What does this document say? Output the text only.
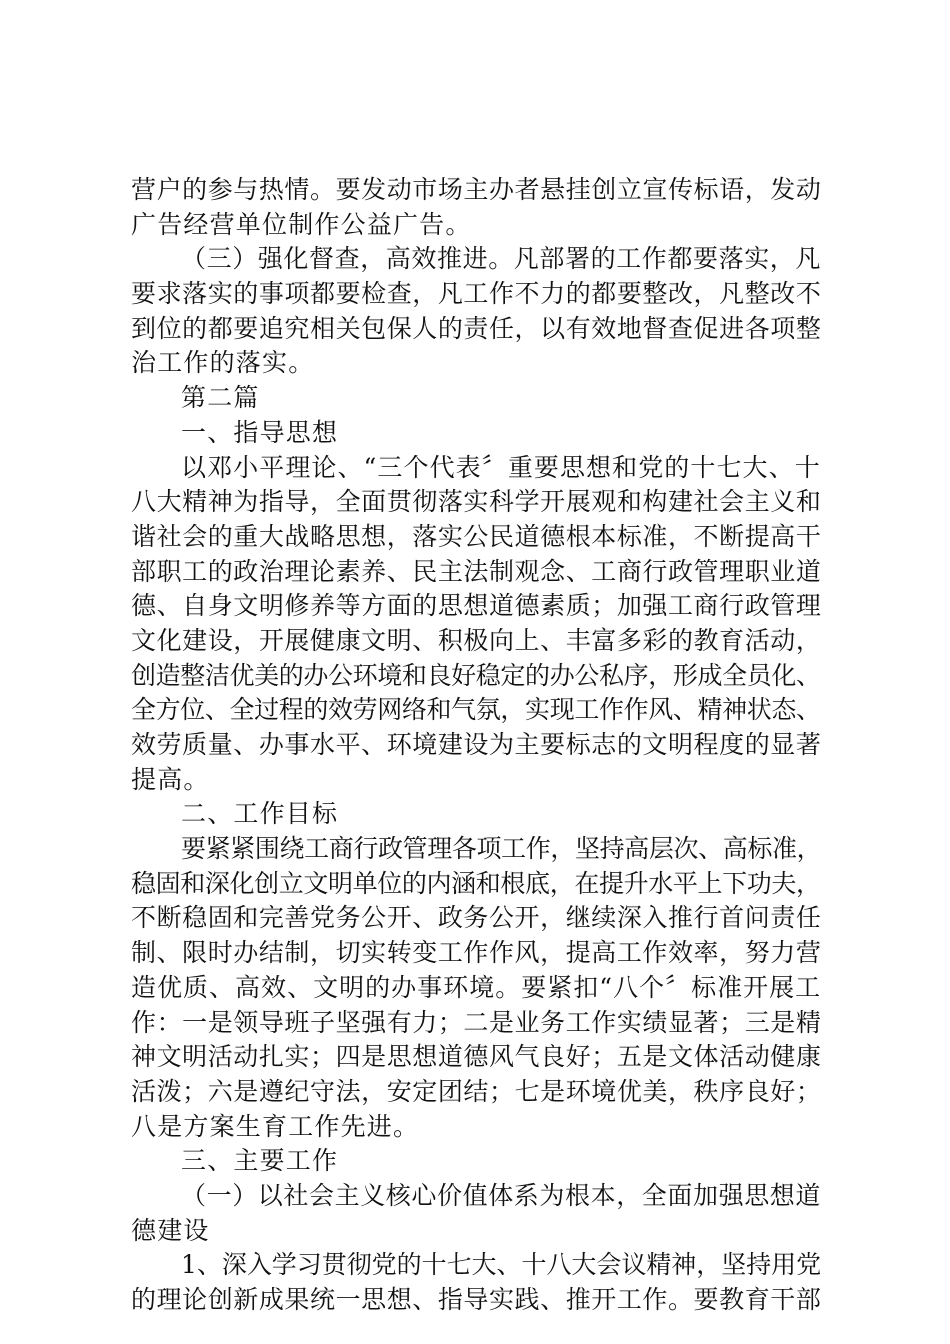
营户的参与热情。要发动市场主办者悬挂创立宣传标语，发动
广告经营单位制作公益广告。
（三）强化督查，高效推进。凡部署的工作都要落实，凡
要求落实的事项都要检查，凡工作不力的都要整改，凡整改不
到位的都要追究相关包保人的责任，以有效地督查促进各项整
治工作的落实。
第二篇
一、指导思想
以邓小平理论、“三个代表〞重要思想和党的十七大、十
八大精神为指导，全面贯彻落实科学开展观和构建社会主义和
谐社会的重大战略思想，落实公民道德根本标准，不断提高干
部职工的政治理论素养、民主法制观念、工商行政管理职业道
德、自身文明修养等方面的思想道德素质；加强工商行政管理
文化建设，开展健康文明、积极向上、丰富多彩的教育活动，
创造整洁优美的办公环境和良好稳定的办公私序，形成全员化、
全方位、全过程的效劳网络和气氛，实现工作作风、精神状态、
效劳质量、办事水平、环境建设为主要标志的文明程度的显著
提高。
二、工作目标
要紧紧围绕工商行政管理各项工作，坚持高层次、高标准，
稳固和深化创立文明单位的内涵和根底，在提升水平上下功夫，
不断稳固和完善党务公开、政务公开，继续深入推行首问责任
制、限时办结制，切实转变工作作风，提高工作效率，努力营
造优质、高效、文明的办事环境。要紧扣“八个〞标准开展工
作：一是领导班子坚强有力；二是业务工作实绩显著；三是精
神文明活动扎实；四是思想道德风气良好；五是文体活动健康
活泼；六是遵纪守法，安定团结；七是环境优美，秩序良好；
八是方案生育工作先进。
三、主要工作
（一）以社会主义核心价值体系为根本，全面加强思想道
德建设
1、深入学习贯彻党的十七大、十八大会议精神，坚持用党
的理论创新成果统一思想、指导实践、推开工作。要教育干部
